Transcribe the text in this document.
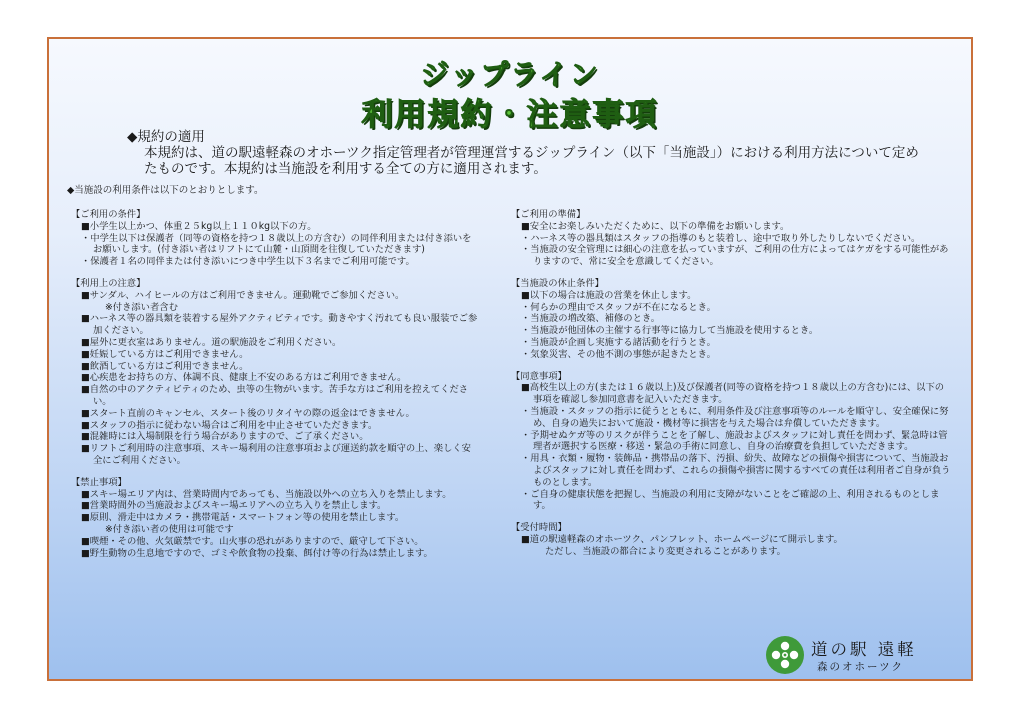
ジップライン
利用規約・注意事項

◆規約の適用

本規約は、道の駅遠軽森のオホーツク指定管理者が管理運営するジップライン（以下「当施設」）における利用方法について定めたものです。本規約は当施設を利用する全ての方に適用されます。

◆当施設の利用条件は以下のとおりとします。

【ご利用の条件】

■小学生以上かつ、体重２５kg以上１１０kg以下の方。

・中学生以下は保護者（同等の資格を持つ１８歳以上の方含む）の同伴利用または付き添いをお願いします。(付き添い者はリフトにて山麓・山頂間を往復していただきます)

・保護者１名の同伴または付き添いにつき中学生以下３名までご利用可能です。

【利用上の注意】

■サンダル、ハイヒールの方はご利用できません。運動靴でご参加ください。
※付き添い者含む

■ハーネス等の器具類を装着する屋外アクティビティです。動きやすく汚れても良い服装でご参加ください。

■屋外に更衣室はありません。道の駅施設をご利用ください。

■妊娠している方はご利用できません。

■飲酒している方はご利用できません。

■心疾患をお持ちの方、体調不良、健康上不安のある方はご利用できません。

■自然の中のアクティビティのため、虫等の生物がいます。苦手な方はご利用を控えてください。

■スタート直前のキャンセル、スタート後のリタイヤの際の返金はできません。

■スタッフの指示に従わない場合はご利用を中止させていただきます。

■混雑時には入場制限を行う場合がありますので、ご了承ください。

■リフトご利用時の注意事項、スキー場利用の注意事項および運送約款を順守の上、楽しく安全にご利用ください。

【禁止事項】

■スキー場エリア内は、営業時間内であっても、当施設以外への立ち入りを禁止します。

■営業時間外の当施設およびスキー場エリアへの立ち入りを禁止します。

■原則、滑走中はカメラ・携帯電話・スマートフォン等の使用を禁止します。
※付き添い者の使用は可能です

■喫煙・その他、火気厳禁です。山火事の恐れがありますので、厳守して下さい。

■野生動物の生息地ですので、ゴミや飲食物の投棄、餌付け等の行為は禁止します。

【ご利用の準備】

■安全にお楽しみいただくために、以下の準備をお願いします。

・ハーネス等の器具類はスタッフの指導のもと装着し、途中で取り外したりしないでください。

・当施設の安全管理には細心の注意を払っていますが、ご利用の仕方によってはケガをする可能性がありますので、常に安全を意識してください。

【当施設の休止条件】

■以下の場合は施設の営業を休止します。

・何らかの理由でスタッフが不在になるとき。

・当施設の増改築、補修のとき。

・当施設が他団体の主催する行事等に協力して当施設を使用するとき。

・当施設が企画し実施する諸活動を行うとき。

・気象災害、その他不測の事態が起きたとき。

【同意事項】

■高校生以上の方(または１６歳以上)及び保護者(同等の資格を持つ１８歳以上の方含む)には、以下の事項を確認し参加同意書を記入いただきます。

・当施設・スタッフの指示に従うとともに、利用条件及び注意事項等のルールを順守し、安全確保に努め、自身の過失において施設・機材等に損害を与えた場合は弁償していただきます。

・予期せぬケガ等のリスクが伴うことを了解し、施設およびスタッフに対し責任を問わず、緊急時は管理者が選択する医療・移送・緊急の手術に同意し、自身の治療費を負担していただきます。

・用具・衣類・履物・装飾品・携帯品の落下、汚損、紛失、故障などの損傷や損害について、当施設およびスタッフに対し責任を問わず、これらの損傷や損害に関するすべての責任は利用者ご自身が負うものとします。

・ご自身の健康状態を把握し、当施設の利用に支障がないことをご確認の上、利用されるものとします。

【受付時間】

■道の駅遠軽森のオホーツク、パンフレット、ホームページにて開示します。
ただし、当施設の都合により変更されることがあります。

道の駅 遠軽
森のオホーツク
